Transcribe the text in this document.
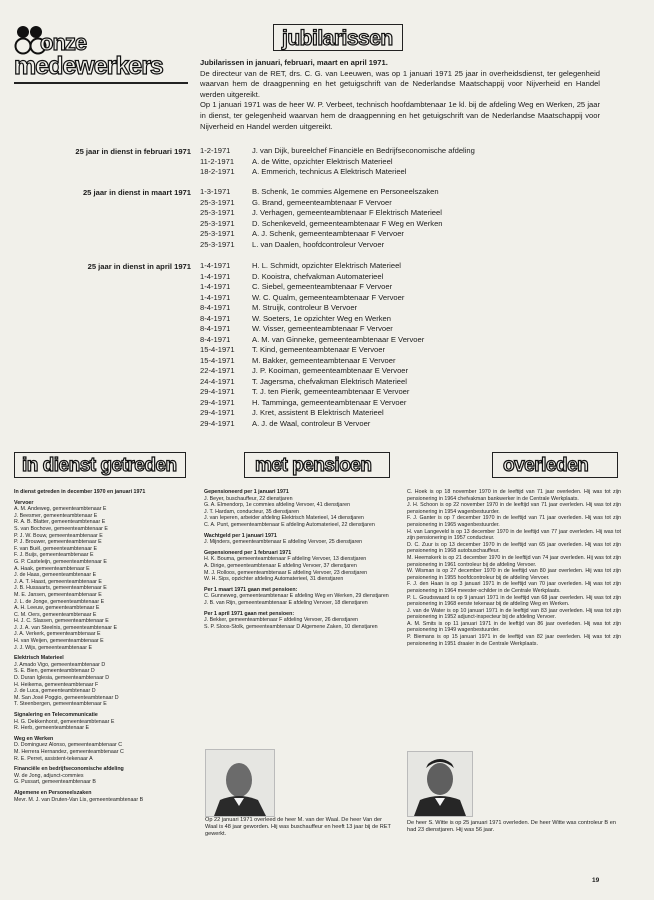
onze
medewerkers
jubilarissen
Jubilarissen in januari, februari, maart en april 1971.
De directeur van de RET, drs. C. G. van Leeuwen, was op 1 januari 1971 25 jaar in overheidsdienst, ter gelegenheid waarvan hem de draagpenning en het getuigschrift van de Nederlandse Maatschappij voor Nijverheid en Handel werden uitgereikt.
Op 1 januari 1971 was de heer W. P. Verbeet, technisch hoofdambtenaar 1e kl. bij de afdeling Weg en Werken, 25 jaar in dienst, ter gelegenheid waarvan hem de draagpenning en het getuigschrift van de Nederlandse Maatschappij voor Nijverheid en Handel werden uitgereikt.
25 jaar in dienst in februari 1971 1-2-1971	J. van Dijk, bureelchef Financiële en Bedrijfseconomische afdeling
11-2-1971	A. de Witte, opzichter Elektrisch Materieel
18-2-1971	A. Emmerich, technicus A Elektrisch Materieel
25 jaar in dienst in maart 1971 1-3-1971	B. Schenk, 1e commies Algemene en Personeelszaken
25-3-1971	G. Brand, gemeenteambtenaar F Vervoer
25-3-1971	J. Verhagen, gemeenteambtenaar F Elektrisch Materieel
25-3-1971	D. Schenkeveld, gemeenteambtenaar F Weg en Werken
25-3-1971	A. J. Schenk, gemeenteambtenaar F Vervoer
25-3-1971	L. van Daalen, hoofdcontroleur Vervoer
25 jaar in dienst in april 1971 1-4-1971	H. L. Schmidt, opzichter Elektrisch Materieel
1-4-1971	D. Kooistra, chefvakman Automaterieel
1-4-1971	C. Siebel, gemeenteambtenaar F Vervoer
1-4-1971	W. C. Qualm, gemeenteambtenaar F Vervoer
8-4-1971	M. Struijk, controleur B Vervoer
8-4-1971	W. Soeters, 1e opzichter Weg en Werken
8-4-1971	W. Visser, gemeenteambtenaar F Vervoer
8-4-1971	A. M. van Ginneke, gemeenteambtenaar E Vervoer
15-4-1971	T. Kind, gemeenteambtenaar E Vervoer
15-4-1971	M. Bakker, gemeenteambtenaar E Vervoer
22-4-1971	J. P. Kooiman, gemeenteambtenaar E Vervoer
24-4-1971	T. Jagersma, chefvakman Elektrisch Materieel
29-4-1971	T. J. ten Pierik, gemeenteambtenaar E Vervoer
29-4-1971	H. Tamminga, gemeenteambtenaar E Vervoer
29-4-1971	J. Kret, assistent B Elektrisch Materieel
29-4-1971	A. J. de Waal, controleur B Vervoer
in dienst getreden	met pensioen	overleden
In dienst getreden in december 1970 en januari 1971
Vervoer
A. M. Andeweg, gemeenteambtenaar E
J. Beesmer, gemeenteambtenaar E
R. A. B. Blatter, gemeenteambtenaar E
S. van Bochove, gemeenteambtenaar E
P. J. W. Bouw, gemeenteambtenaar E
P. J. Brouwer, gemeenteambtenaar E
F. van Buël, gemeenteambtenaar E
F. J. Buijs, gemeenteambtenaar E
G. P. Casteleijn, gemeenteambtenaar E
A. Haak, gemeenteambtenaar E
J. de Haas, gemeenteambtenaar E
J. A. T. Haast, gemeenteambtenaar E
J. B. Hussaarts, gemeenteambtenaar E
M. E. Jansen, gemeenteambtenaar E
J. L. de Jonge, gemeenteambtenaar E
A. H. Leeuw, gemeenteambtenaar E
C. M. Oers, gemeenteambtenaar E
H. J. C. Slassen, gemeenteambtenaar E
J. J. A. van Steelnis, gemeenteambtenaar E
J. A. Verkerk, gemeenteambtenaar E
H. van Weijen, gemeenteambtenaar E
J. J. Wijs, gemeenteambtenaar E
Elektrisch Materieel
J. Amado Vigo, gemeenteambtenaar D
S. E. Bien, gemeenteambtenaar D
D. Duran Iglesia, gemeenteambtenaar D
H. Heikema, gemeenteambtenaar F
J. de Luca, gemeenteambtenaar D
M. San José Poggio, gemeenteambtenaar D
T. Steenbergen, gemeenteambtenaar E
Signalering en Telecommunicatie
H. G. Dekkenhorst, gemeenteambtenaar E
R. Herb, gemeenteambtenaar E
Weg en Werken
D. Dominguez Alonso, gemeenteambtenaar C
M. Herrera Hernandez, gemeenteambtenaar C
R. E. Perret, assistent-tekenaar A
Financiële en bedrijfseconomische afdeling
W. de Jong, adjunct-commies
G. Pussart, gemeenteambtenaar B
Algemene en Personeelszaken
Mevr. M. J. van Druten-Van Lis, gemeenteambtenaar B
Gepensioneerd per 1 januari 1971
J. Beyer, buschauffeur, 22 dienstjaren
G. A. Elmendorp, 1e commies afdeling Vervoer, 41 dienstjaren
J. T. Hardam, conducteur, 35 dienstjaren
J. van Ieperen, arbeider afdeling Elektrisch Materieel, 14 dienstjaren
C. A. Punt, gemeenteambtenaar E afdeling Automaterieel, 22 dienstjaren
Wachtgeld per 1 januari 1971
J. Mijnders, gemeenteambtenaar E afdeling Vervoer, 25 dienstjaren
Gepensioneerd per 1 februari 1971
H. K. Bouma, gemeenteambtenaar F afdeling Vervoer, 13 dienstjaren
A. Dirige, gemeenteambtenaar E afdeling Vervoer, 37 dienstjaren
M. J. Rolloos, gemeenteambtenaar E afdeling Vervoer, 23 dienstjaren
W. H. Sips, opzichter afdeling Automaterieel, 31 dienstjaren
Per 1 maart 1971 gaan met pensioen:
C. Gunneweg, gemeenteambtenaar E afdeling Weg en Werken, 29 dienstjaren
J. B. van Rijn, gemeenteambtenaar E afdeling Vervoer, 18 dienstjaren
Per 1 april 1971 gaan met pensioen:
J. Bekker, gemeenteambtenaar F afdeling Vervoer, 26 dienstjaren
S. P. Sloos-Stolk, gemeenteambtenaar D Algemene Zaken, 10 dienstjaren
C. Hoek is op 18 november 1970 in de leeftijd van 71 jaar overleden. Hij was tot zijn pensionering in 1964 chefvakman bankwerker in de Centrale Werkplaats.
J. H. Schoon is op 22 november 1970 in de leeftijd van 71 jaar overleden. Hij was tot zijn pensionering in 1954 wagenbestuurder.
F. J. Ganter is op 7 december 1970 in de leeftijd van 71 jaar overleden. Hij was tot zijn pensionering in 1965 wagenbestuurder.
H. van Langeveld is op 13 december 1970 in de leeftijd van 77 jaar overleden. Hij was tot zijn pensionering in 1957 conducteur.
D. C. Zuur is op 13 december 1970 in de leeftijd van 65 jaar overleden. Hij was tot zijn pensionering in 1968 autobuschauffeur.
M. Heemskerk is op 21 december 1970 in de leeftijd van 74 jaar overleden. Hij was tot zijn pensionering in 1961 controleur bij de afdeling Vervoer.
W. Wisman is op 27 december 1970 in de leeftijd van 80 jaar overleden. Hij was tot zijn pensionering in 1955 hoofdcontroleur bij de afdeling Vervoer.
F. J. den Haan is op 3 januari 1971 in de leeftijd van 70 jaar overleden. Hij was tot zijn pensionering in 1964 meester-schilder in de Centrale Werkplaats.
P. L. Goudswaard is op 9 januari 1971 in de leeftijd van 68 jaar overleden. Hij was tot zijn pensionering in 1968 eerste tekenaar bij de afdeling Weg en Werken.
J. van de Water is op 10 januari 1971 in de leeftijd van 83 jaar overleden. Hij was tot zijn pensionering in 1952 adjunct-inspecteur bij de afdeling Vervoer.
A. M. Smits is op 11 januari 1971 in de leeftijd van 86 jaar overleden. Hij was tot zijn pensionering in 1949 wagenbestuurder.
P. Biemans is op 15 januari 1971 in de leeftijd van 82 jaar overleden. Hij was tot zijn pensionering in 1951 draaier in de Centrale Werkplaats.
Op 22 januari 1971 overleed de heer M. van der Waal. De heer Van der Waal is 48 jaar geworden. Hij was buschauffeur en heeft 13 jaar bij de RET gewerkt.
De heer S. Witte is op 25 januari 1971 overleden. De heer Witte was controleur B en had 23 dienstjaren. Hij was 56 jaar.
19
